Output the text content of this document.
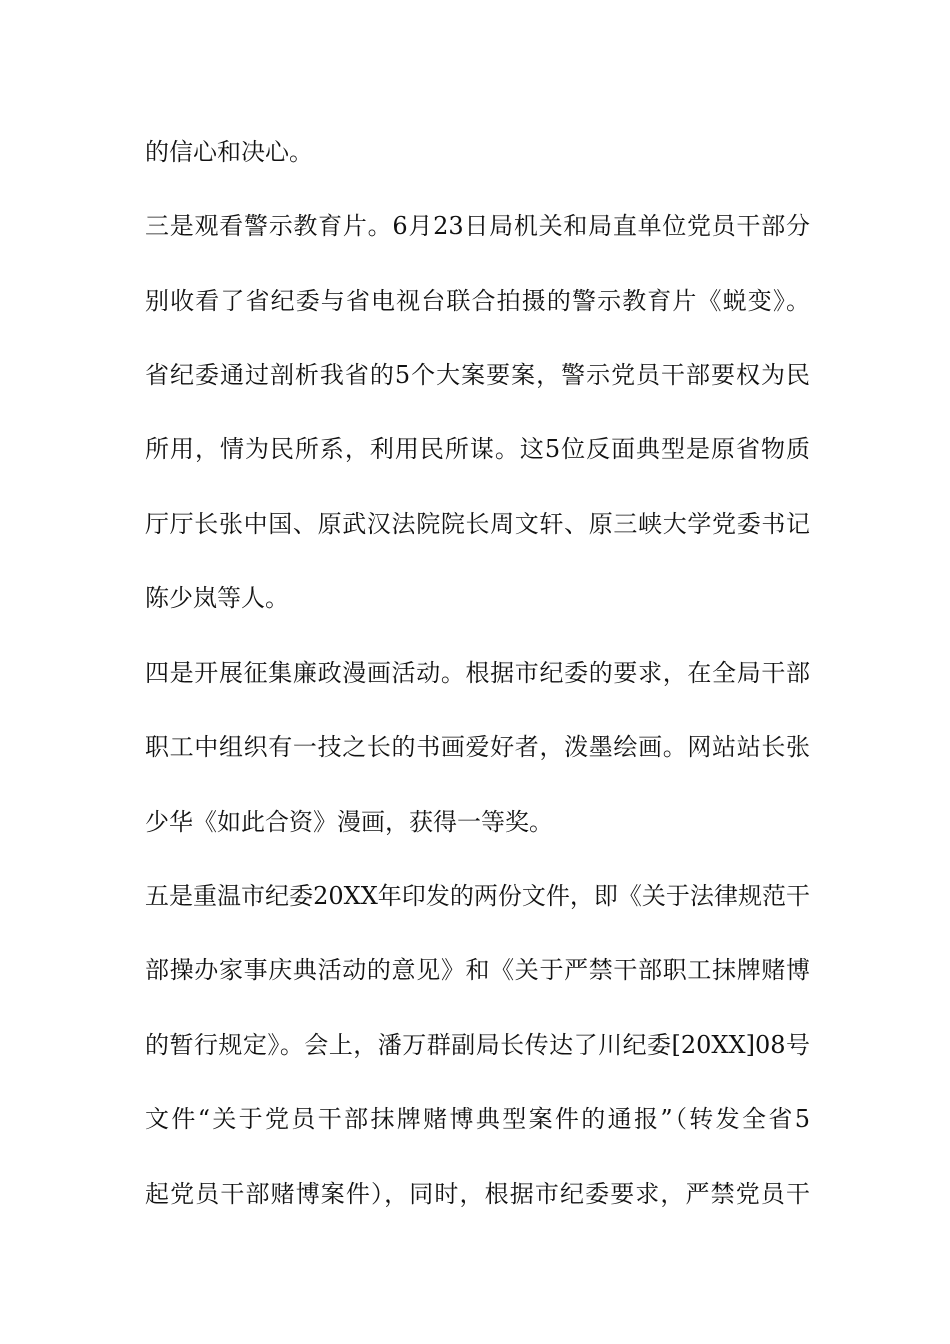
的信心和决心。
三是观看警示教育片。6月23日局机关和局直单位党员干部分
别收看了省纪委与省电视台联合拍摄的警示教育片《蜕变》。
省纪委通过剖析我省的5个大案要案，警示党员干部要权为民
所用，情为民所系，利用民所谋。这5位反面典型是原省物质
厅厅长张中国、原武汉法院院长周文轩、原三峡大学党委书记
陈少岚等人。
四是开展征集廉政漫画活动。根据市纪委的要求，在全局干部
职工中组织有一技之长的书画爱好者，泼墨绘画。网站站长张
少华《如此合资》漫画，获得一等奖。
五是重温市纪委20XX年印发的两份文件，即《关于法律规范干
部操办家事庆典活动的意见》和《关于严禁干部职工抹牌赌博
的暂行规定》。会上，潘万群副局长传达了川纪委[20XX]08号
文件“关于党员干部抹牌赌博典型案件的通报”（转发全省5
起党员干部赌博案件），同时，根据市纪委要求，严禁党员干
